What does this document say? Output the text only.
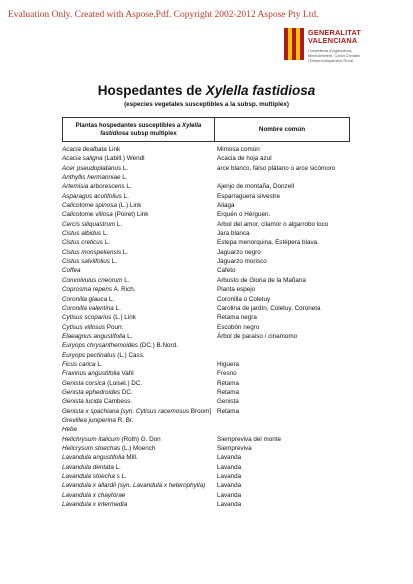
Evaluation Only. Created with Aspose.Pdf. Copyright 2002-2012 Aspose Pty Ltd.
GENERALITAT
VALENCIANA
Conselleria d'Agricultura,
Medi Ambient, Canvi Climàtic
i Desenvolupament Rural
Hospedantes de Xylella fastidiosa
(especies vegetales susceptibles a la subsp. multiplex)
Plantas hospedantes susceptibles a Xylella fastidiosa subsp multiplex	Nombre común
Acacia dealbata Link	Mimosa común
Acacia saligna (Labill.) Wendl	Acacia de hoja azul
Acer pseudoplatanus L.	arce blanco, falso plátano o arce sicómoro
Anthyllis hermanniae L.
Artemisia arborescens L.	Ajenjo de montaña, Donzell
Asparagus acutifolius L.	Esparraguera silvestre
Calicotome spinosa (L.) Link	Aliaga
Calicotome villosa (Poiret) Link	Erquén o Hérguen.
Cercis siliquastrum L.	Arbol del amor, cilamor o algarrobo loco
Cistus albidus L.	Jara blanca
Cistus creticus L.	Estepa menorquina, Estépera blava.
Cistus monspeliensis L.	Jaguarzo negro
Cistus salviifolius L.	Jaguarzo morisco
Coffea	Cafeto
Convolvulus cneorum L.	Arbusto de Gloria de la Mañana
Coprosma repens A. Rich.	Planta espejo
Coronilla glauca L.	Coronilla o Coletuy
Coronilla valentina L.	Carolina de jardín, Coletuy, Coroneta
Cytisus scoparius (L.) Link	Retama negra
Cytisus villosus Pourr.	Escobón negro
Elaeagnus angustifolia L.	Árbol de paraiso / cinamomo
Euryops chrysanthemoides (DC.) B.Nord.
Euryops pectinatus (L.) Cass.
Ficus carica L.	Higuera
Fraxinus angustifolia Vahl	Fresno
Genista corsica (Loisel.) DC.	Retama
Genista ephedroides DC.	Retama
Genista lucida Cambess.	Genista
Genista x spachiana [syn. Cytisus racemosus Broom] Retama
Grevillea juniperina R. Br.
Hebe
Helichrysum italicum (Roth) G. Don	Siempreviva del monte
Helicrysum stoechas (L.) Moench	Siempreviva
Lavandula angustifolia Mill.	Lavanda
Lavandula dentata L.	Lavanda
Lavandula stoecha s L.	Lavanda
Lavandula x allardii (syn. Lavandula x heterophylla) Lavanda
Lavandula x chaytorae	Lavanda
Lavandula x intermedia	Lavanda
